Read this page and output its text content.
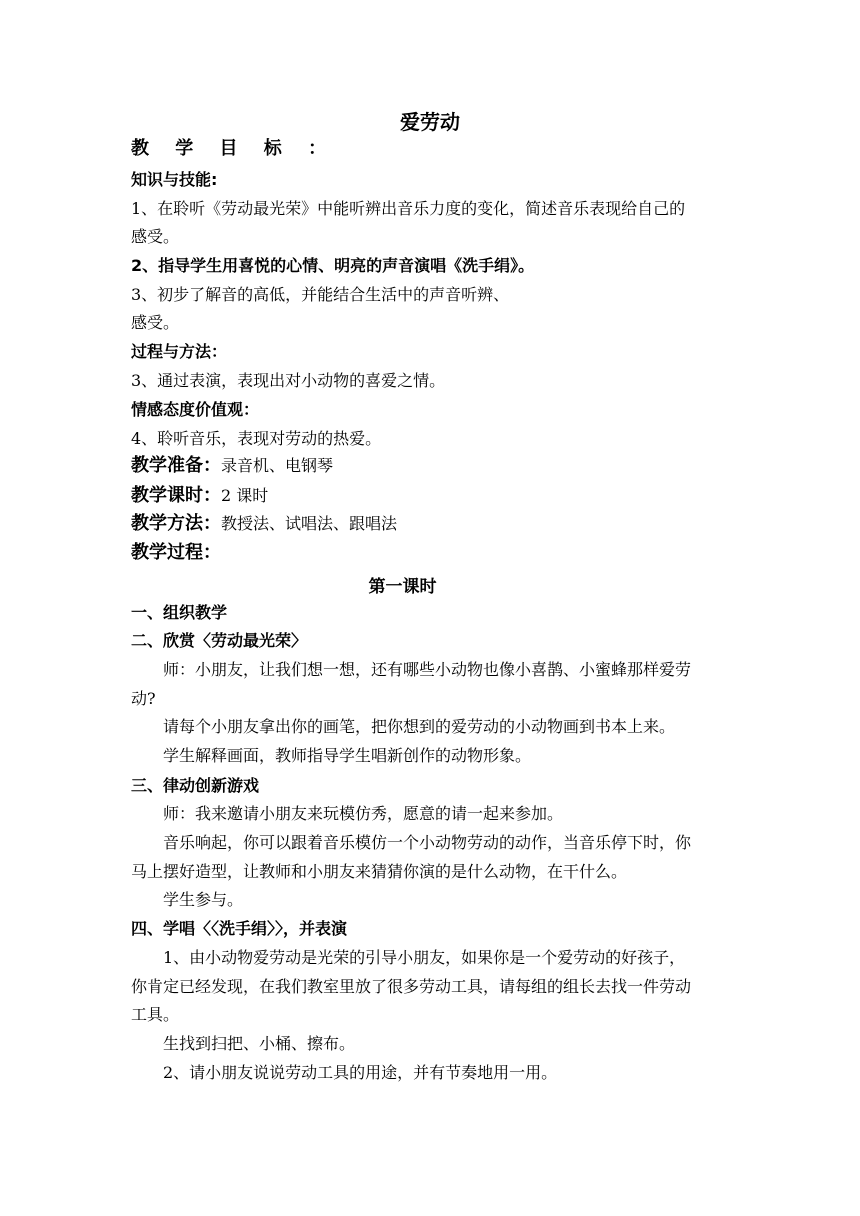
爱劳动
教 学 目 标 ：
知识与技能:
1、在聆听《劳动最光荣》中能听辨出音乐力度的变化，简述音乐表现给自己的
感受。
2、指导学生用喜悦的心情、明亮的声音演唱《洗手绢》。
3、初步了解音的高低，并能结合生活中的声音听辨、
感受。
过程与方法：
3、通过表演，表现出对小动物的喜爱之情。
情感态度价值观：
4、聆听音乐，表现对劳动的热爱。
教学准备：录音机、电钢琴
教学课时：2 课时
教学方法：教授法、试唱法、跟唱法
教学过程：
第一课时
一、组织教学
二、欣赏〈劳动最光荣〉
师：小朋友，让我们想一想，还有哪些小动物也像小喜鹊、小蜜蜂那样爱劳
动?
请每个小朋友拿出你的画笔，把你想到的爱劳动的小动物画到书本上来。
学生解释画面，教师指导学生唱新创作的动物形象。
三、律动创新游戏
师：我来邀请小朋友来玩模仿秀，愿意的请一起来参加。
音乐响起，你可以跟着音乐模仿一个小动物劳动的动作，当音乐停下时，你
马上摆好造型，让教师和小朋友来猜猜你演的是什么动物，在干什么。
学生参与。
四、学唱〈〈洗手绢〉〉，并表演
1、由小动物爱劳动是光荣的引导小朋友，如果你是一个爱劳动的好孩子，
你肯定已经发现，在我们教室里放了很多劳动工具，请每组的组长去找一件劳动
工具。
生找到扫把、小桶、擦布。
2、请小朋友说说劳动工具的用途，并有节奏地用一用。
